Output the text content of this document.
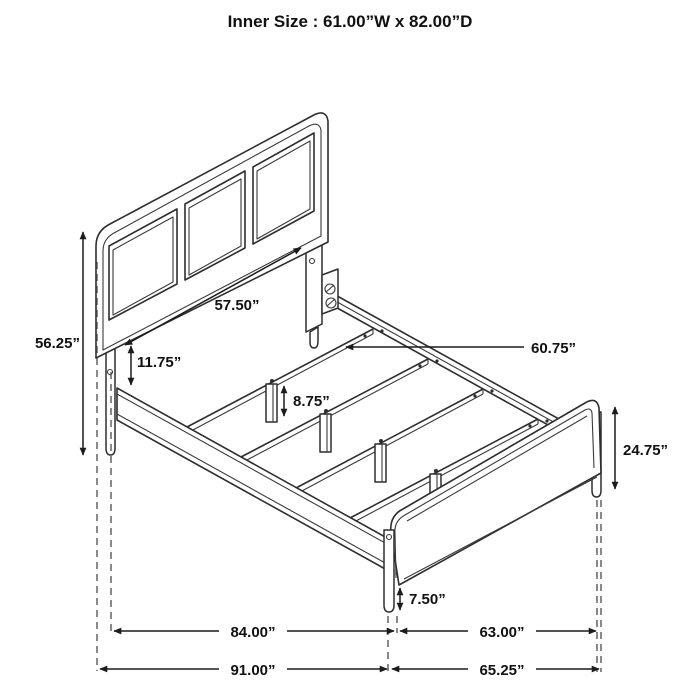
56.25”
57.50”
11.75”
8.75”
60.75”
24.75”
7.50”
84.00”	63.00”
91.00”	65.25”
Inner Size : 61.00”W x 82.00”D
